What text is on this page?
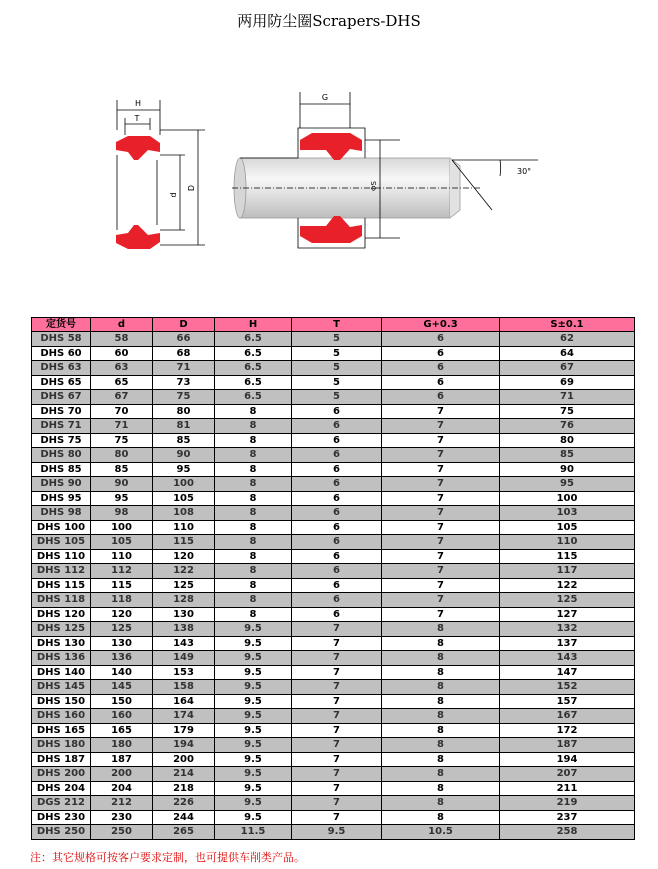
两用防尘圈Scrapers-DHS
H
T
d
D
G
ΦS
30°
定货号	d	D	H	T	G+0.3	S±0.1
DHS 58	58	66	6.5	5	6	62
DHS 60	60	68	6.5	5	6	64
DHS 63	63	71	6.5	5	6	67
DHS 65	65	73	6.5	5	6	69
DHS 67	67	75	6.5	5	6	71
DHS 70	70	80	8	6	7	75
DHS 71	71	81	8	6	7	76
DHS 75	75	85	8	6	7	80
DHS 80	80	90	8	6	7	85
DHS 85	85	95	8	6	7	90
DHS 90	90	100	8	6	7	95
DHS 95	95	105	8	6	7	100
DHS 98	98	108	8	6	7	103
DHS 100	100	110	8	6	7	105
DHS 105	105	115	8	6	7	110
DHS 110	110	120	8	6	7	115
DHS 112	112	122	8	6	7	117
DHS 115	115	125	8	6	7	122
DHS 118	118	128	8	6	7	125
DHS 120	120	130	8	6	7	127
DHS 125	125	138	9.5	7	8	132
DHS 130	130	143	9.5	7	8	137
DHS 136	136	149	9.5	7	8	143
DHS 140	140	153	9.5	7	8	147
DHS 145	145	158	9.5	7	8	152
DHS 150	150	164	9.5	7	8	157
DHS 160	160	174	9.5	7	8	167
DHS 165	165	179	9.5	7	8	172
DHS 180	180	194	9.5	7	8	187
DHS 187	187	200	9.5	7	8	194
DHS 200	200	214	9.5	7	8	207
DHS 204	204	218	9.5	7	8	211
DGS 212	212	226	9.5	7	8	219
DHS 230	230	244	9.5	7	8	237
DHS 250	250	265	11.5	9.5	10.5	258
注：其它规格可按客户要求定制，也可提供车削类产品。
